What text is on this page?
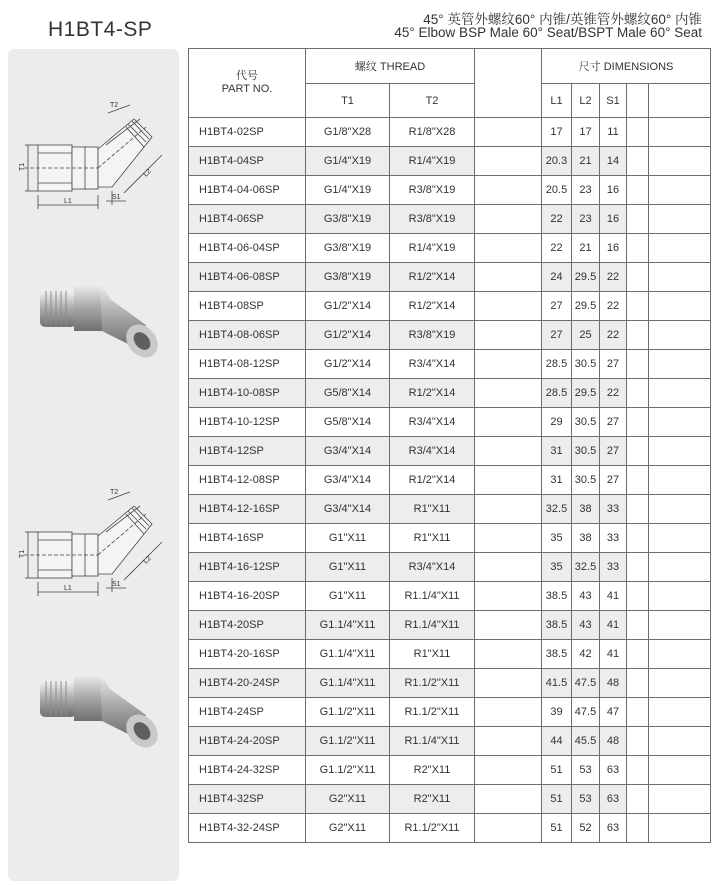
H1BT4-SP	45° 英管外螺纹60° 内锥/英锥管外螺纹60° 内锥
45° Elbow BSP Male 60° Seat/BSPT Male 60° Seat
T1
L1
S1
L2
T2
T1
L1
S1
L2
T2
代号
PART NO.	螺纹 THREAD			尺寸 DIMENSIONS				
	T1	T2		L1	L2	S1		
H1BT4-02SP	G1/8"X28	R1/8"X28		17	17	11		
H1BT4-04SP	G1/4"X19	R1/4"X19		20.3	21	14		
H1BT4-04-06SP	G1/4"X19	R3/8"X19		20.5	23	16		
H1BT4-06SP	G3/8"X19	R3/8"X19		22	23	16		
H1BT4-06-04SP	G3/8"X19	R1/4"X19		22	21	16		
H1BT4-06-08SP	G3/8"X19	R1/2"X14		24	29.5	22		
H1BT4-08SP	G1/2"X14	R1/2"X14		27	29.5	22		
H1BT4-08-06SP	G1/2"X14	R3/8"X19		27	25	22		
H1BT4-08-12SP	G1/2"X14	R3/4"X14		28.5	30.5	27		
H1BT4-10-08SP	G5/8"X14	R1/2"X14		28.5	29.5	22		
H1BT4-10-12SP	G5/8"X14	R3/4"X14		29	30.5	27		
H1BT4-12SP	G3/4"X14	R3/4"X14		31	30.5	27		
H1BT4-12-08SP	G3/4"X14	R1/2"X14		31	30.5	27		
H1BT4-12-16SP	G3/4"X14	R1"X11		32.5	38	33		
H1BT4-16SP	G1"X11	R1"X11		35	38	33		
H1BT4-16-12SP	G1"X11	R3/4"X14		35	32.5	33		
H1BT4-16-20SP	G1"X11	R1.1/4"X11		38.5	43	41		
H1BT4-20SP	G1.1/4"X11	R1.1/4"X11		38.5	43	41		
H1BT4-20-16SP	G1.1/4"X11	R1"X11		38.5	42	41		
H1BT4-20-24SP	G1.1/4"X11	R1.1/2"X11		41.5	47.5	48		
H1BT4-24SP	G1.1/2"X11	R1.1/2"X11		39	47.5	47		
H1BT4-24-20SP	G1.1/2"X11	R1.1/4"X11		44	45.5	48		
H1BT4-24-32SP	G1.1/2"X11	R2"X11		51	53	63		
H1BT4-32SP	G2"X11	R2"X11		51	53	63		
H1BT4-32-24SP	G2"X11	R1.1/2"X11		51	52	63		
